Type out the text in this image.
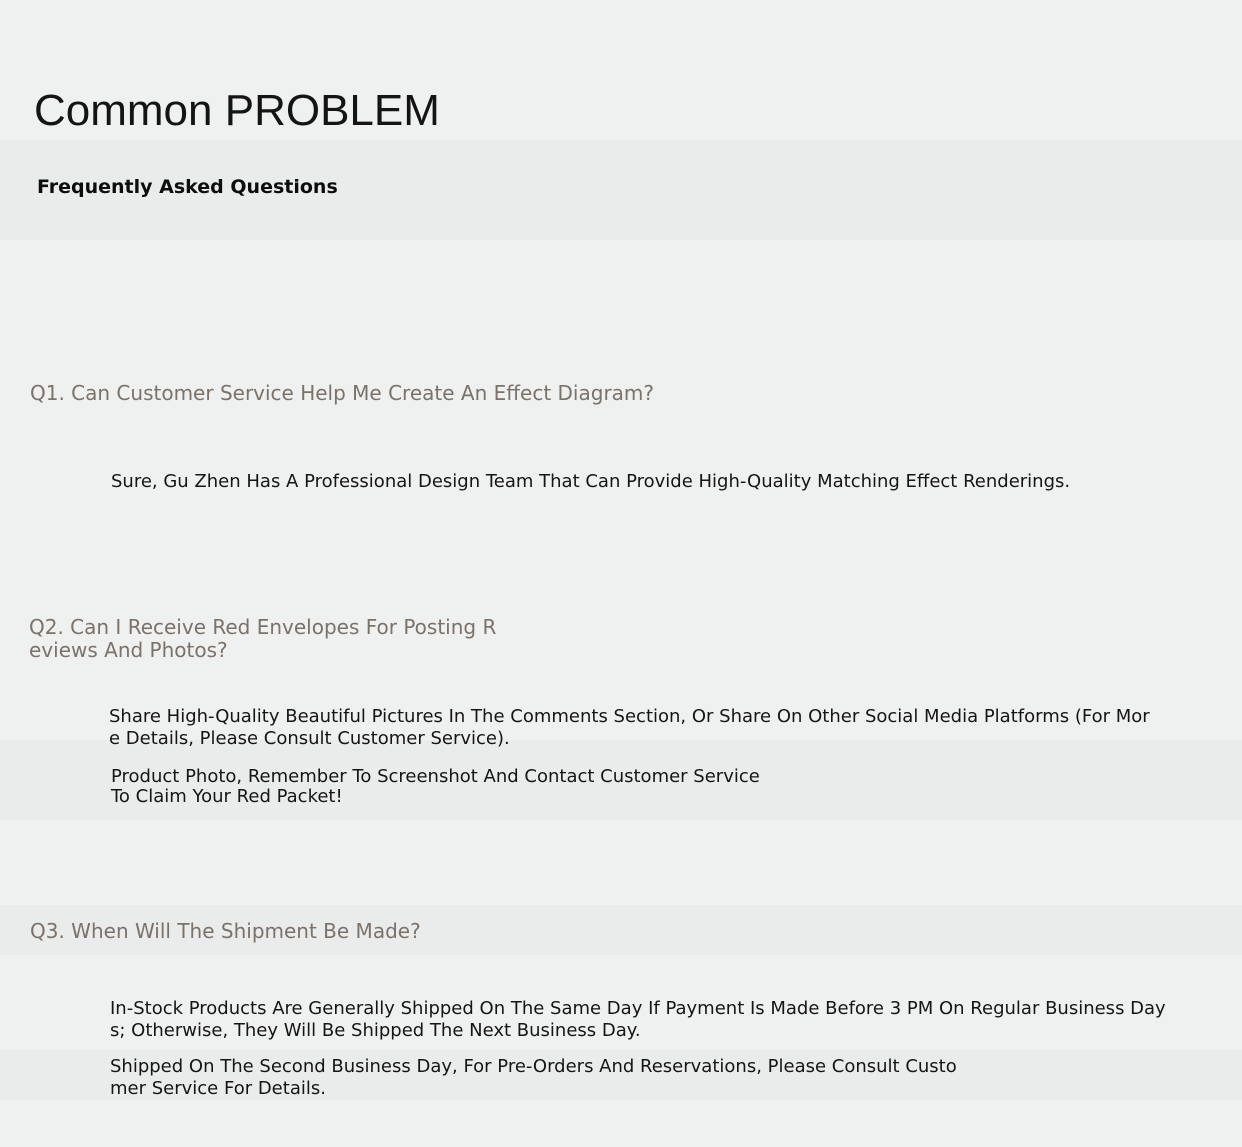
Common PROBLEM
Frequently Asked Questions
Q1. Can Customer Service Help Me Create An Effect Diagram?

Sure, Gu Zhen Has A Professional Design Team That Can Provide High-Quality Matching Effect Renderings.

Q2. Can I Receive Red Envelopes For Posting Reviews And Photos?

Share High-Quality Beautiful Pictures In The Comments Section, Or Share On Other Social Media Platforms (For More Details, Please Consult Customer Service).

Product Photo, Remember To Screenshot And Contact Customer Service To Claim Your Red Packet!

Q3. When Will The Shipment Be Made?

In-Stock Products Are Generally Shipped On The Same Day If Payment Is Made Before 3 PM On Regular Business Days; Otherwise, They Will Be Shipped The Next Business Day.

Shipped On The Second Business Day, For Pre-Orders And Reservations, Please Consult Customer Service For Details.
